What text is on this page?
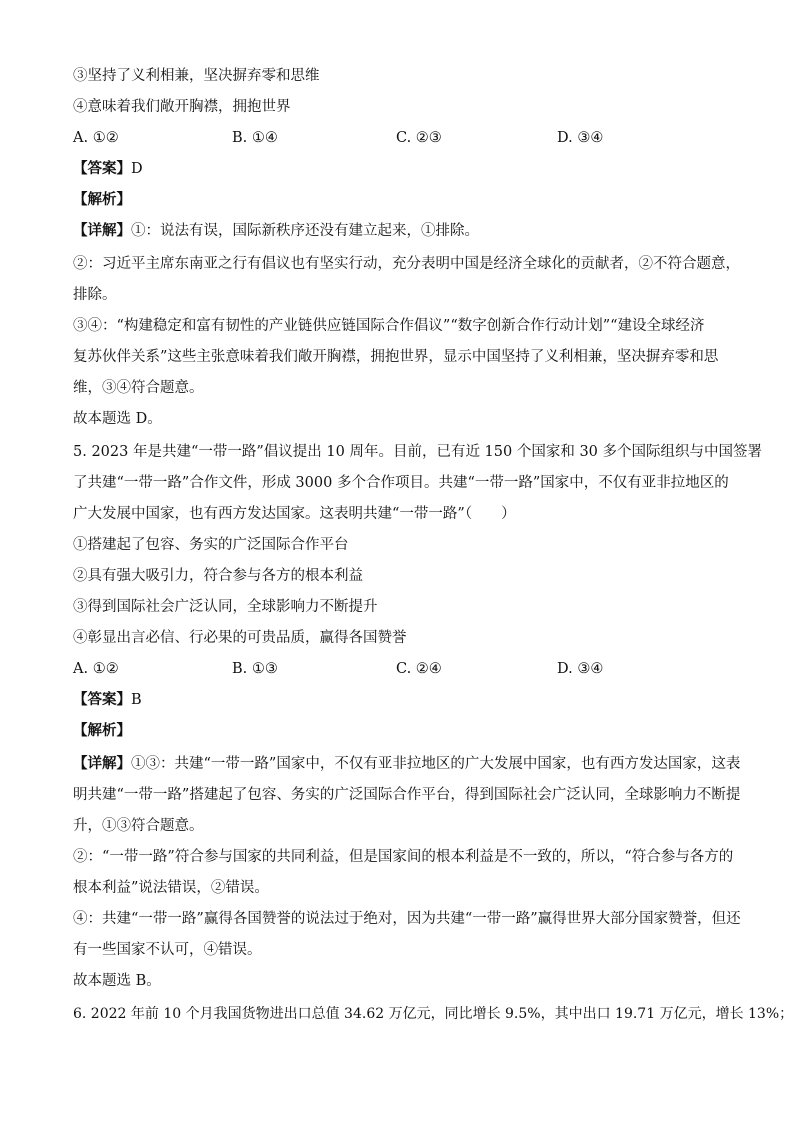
③坚持了义利相兼，坚决摒弃零和思维
④意味着我们敞开胸襟，拥抱世界
A. ①②	B. ①④	C. ②③	D. ③④
【答案】D
【解析】
【详解】①：说法有误，国际新秩序还没有建立起来，①排除。
②：习近平主席东南亚之行有倡议也有坚实行动，充分表明中国是经济全球化的贡献者，②不符合题意，
排除。
③④：“构建稳定和富有韧性的产业链供应链国际合作倡议”“数字创新合作行动计划”“建设全球经济
复苏伙伴关系”这些主张意味着我们敞开胸襟，拥抱世界，显示中国坚持了义利相兼，坚决摒弃零和思
维，③④符合题意。
故本题选 D。
5. 2023 年是共建“一带一路”倡议提出 10 周年。目前，已有近 150 个国家和 30 多个国际组织与中国签署
了共建“一带一路”合作文件，形成 3000 多个合作项目。共建“一带一路”国家中，不仅有亚非拉地区的
广大发展中国家，也有西方发达国家。这表明共建“一带一路”（　　）
①搭建起了包容、务实的广泛国际合作平台
②具有强大吸引力，符合参与各方的根本利益
③得到国际社会广泛认同，全球影响力不断提升
④彰显出言必信、行必果的可贵品质，赢得各国赞誉
A. ①②	B. ①③	C. ②④	D. ③④
【答案】B
【解析】
【详解】①③：共建“一带一路”国家中，不仅有亚非拉地区的广大发展中国家，也有西方发达国家，这表
明共建“一带一路”搭建起了包容、务实的广泛国际合作平台，得到国际社会广泛认同，全球影响力不断提
升，①③符合题意。
②：“一带一路”符合参与国家的共同利益，但是国家间的根本利益是不一致的，所以，“符合参与各方的
根本利益”说法错误，②错误。
④：共建“一带一路”赢得各国赞誉的说法过于绝对，因为共建“一带一路”赢得世界大部分国家赞誉，但还
有一些国家不认可，④错误。
故本题选 B。
6. 2022 年前 10 个月我国货物进出口总值 34.62 万亿元，同比增长 9.5%，其中出口 19.71 万亿元，增长 13%；
